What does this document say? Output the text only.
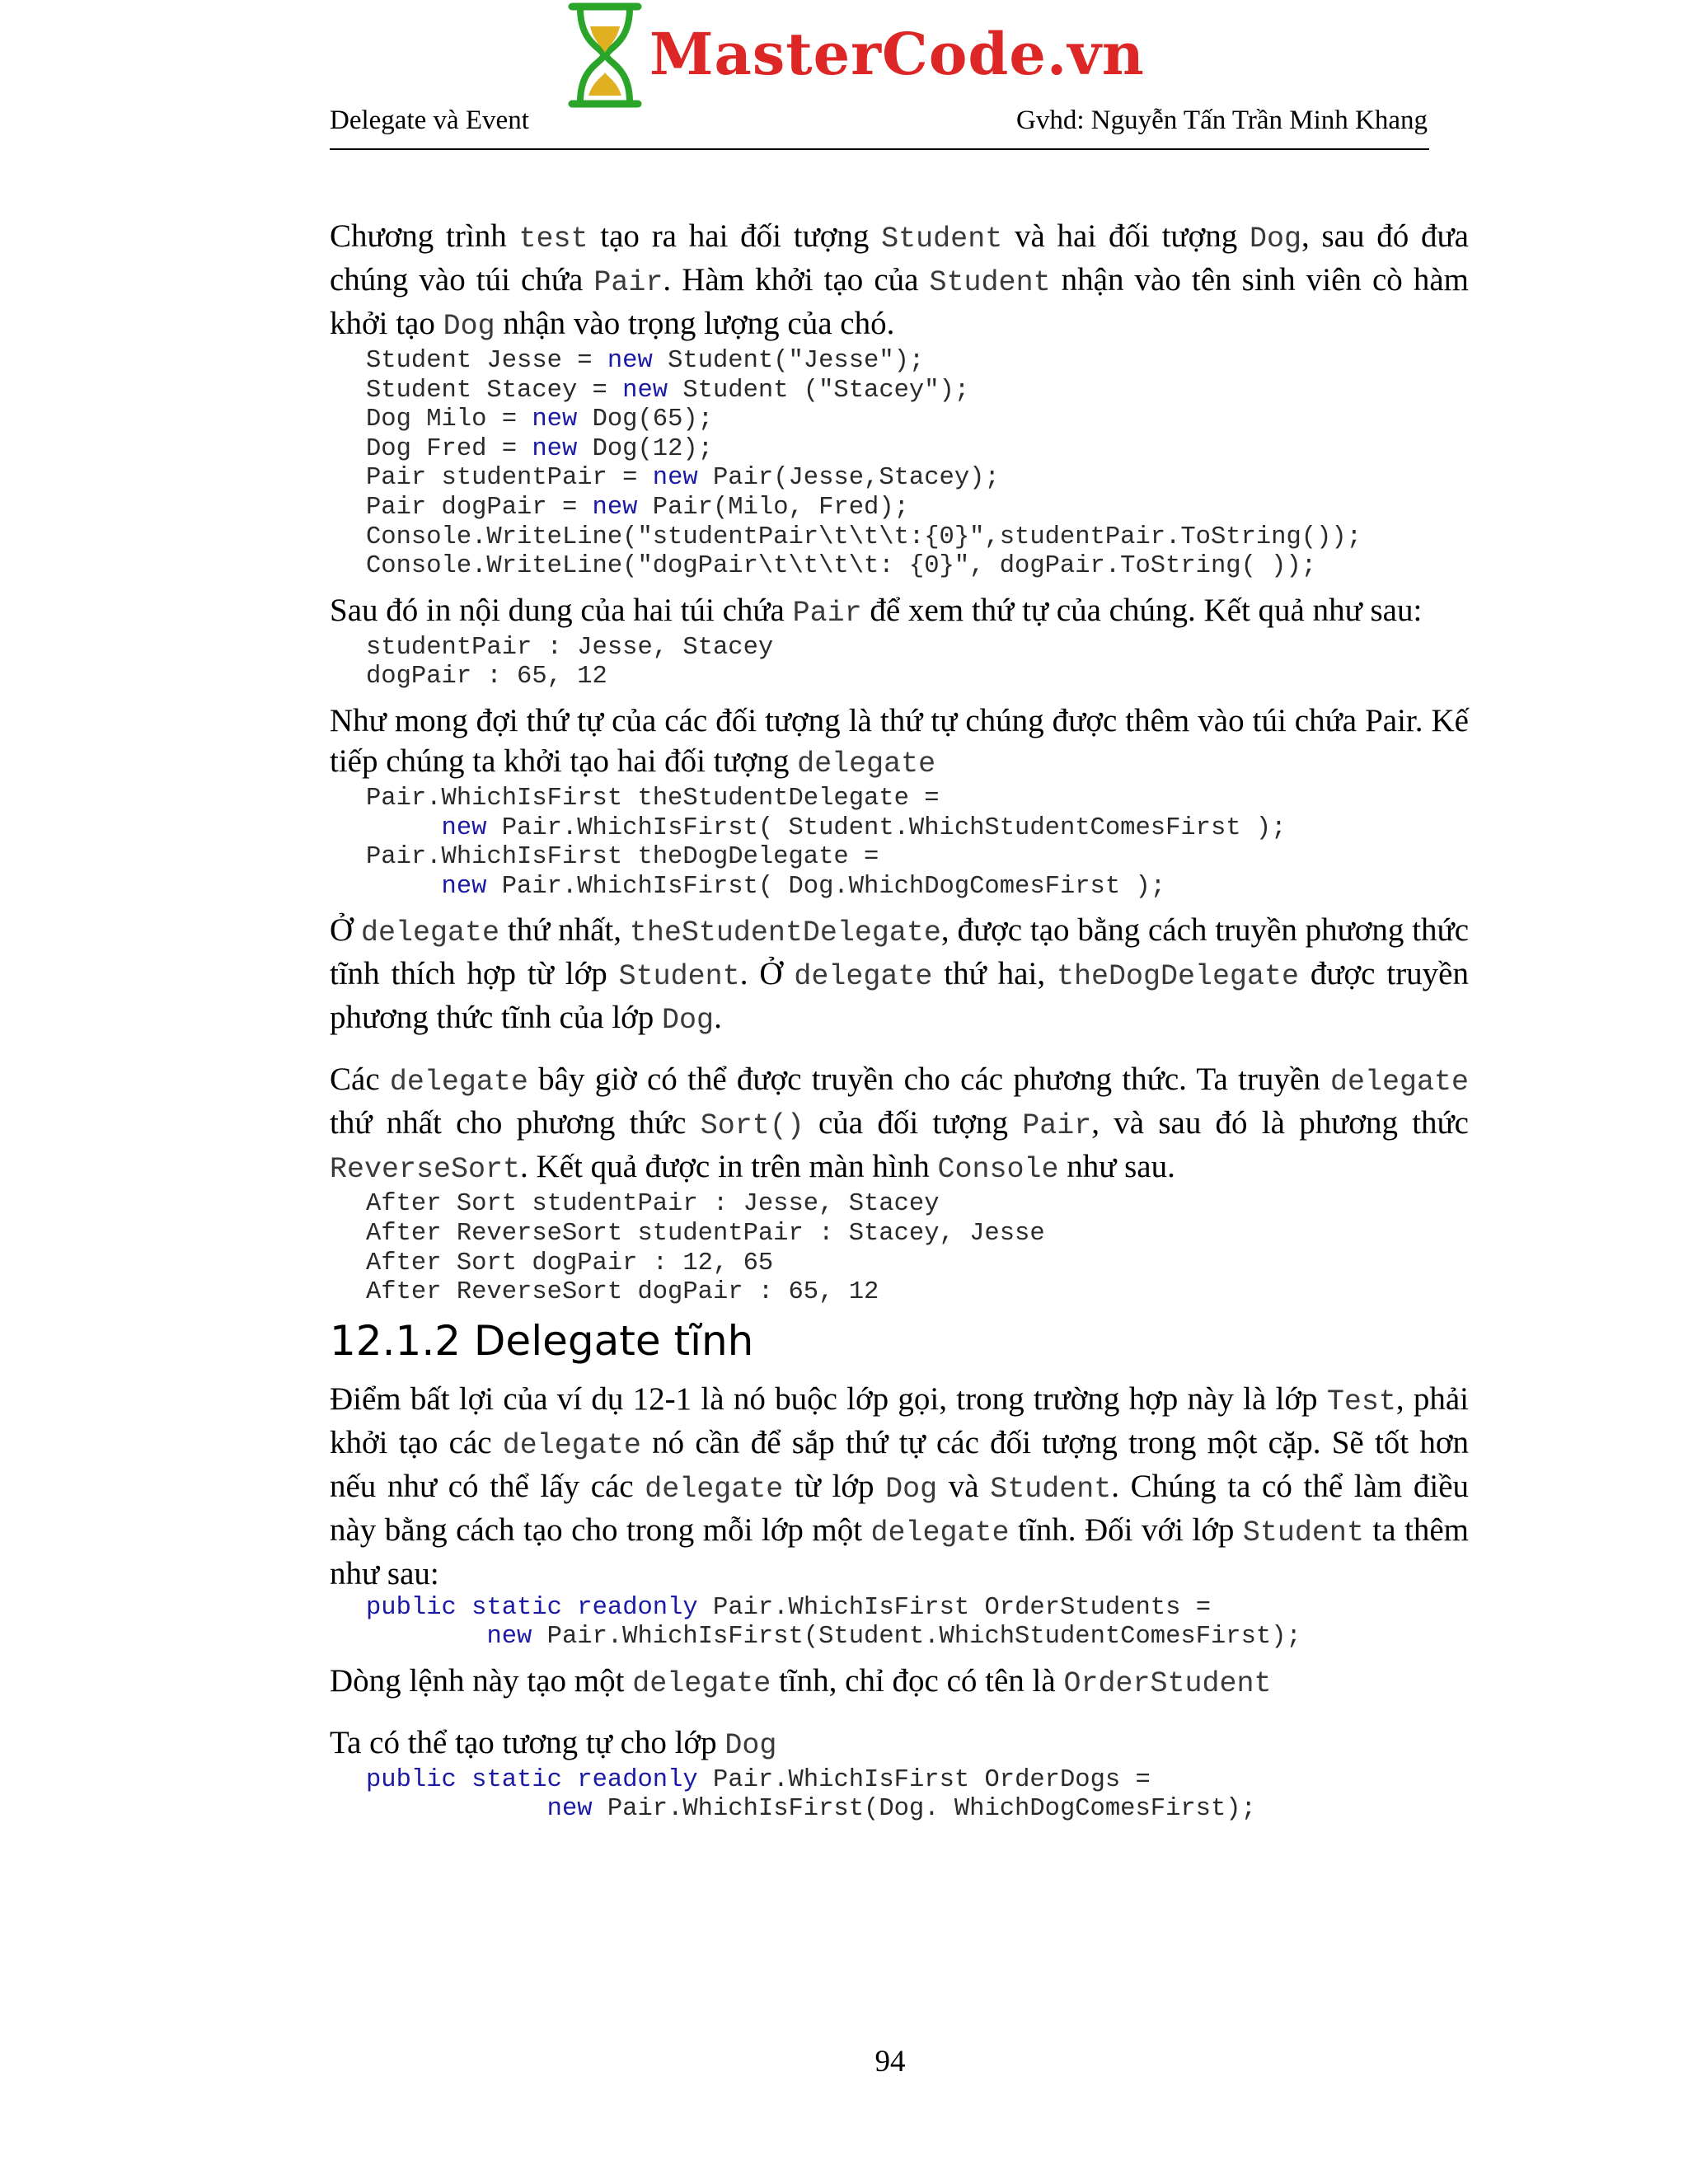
MasterCode.vn
Delegate và Event	Gvhd: Nguyễn Tấn Trần Minh Khang

Chương trình test tạo ra hai đối tượng Student và hai đối tượng Dog, sau đó đưa chúng vào túi chứa Pair. Hàm khởi tạo của Student nhận vào tên sinh viên cò hàm khởi tạo Dog nhận vào trọng lượng của chó.

Student Jesse = new Student("Jesse");
Student Stacey = new Student ("Stacey");
Dog Milo = new Dog(65);
Dog Fred = new Dog(12);
Pair studentPair = new Pair(Jesse,Stacey);
Pair dogPair = new Pair(Milo, Fred);
Console.WriteLine("studentPair\t\t\t:{0}",studentPair.ToString());
Console.WriteLine("dogPair\t\t\t\t: {0}", dogPair.ToString( ));

Sau đó in nội dung của hai túi chứa Pair để xem thứ tự của chúng. Kết quả như sau:

studentPair : Jesse, Stacey
dogPair : 65, 12

Như mong đợi thứ tự của các đối tượng là thứ tự chúng được thêm vào túi chứa Pair. Kế tiếp chúng ta khởi tạo hai đối tượng delegate

Pair.WhichIsFirst theStudentDelegate =
new Pair.WhichIsFirst( Student.WhichStudentComesFirst );
Pair.WhichIsFirst theDogDelegate =
new Pair.WhichIsFirst( Dog.WhichDogComesFirst );

Ở delegate thứ nhất, theStudentDelegate, được tạo bằng cách truyền phương thức tĩnh thích hợp từ lớp Student. Ở delegate thứ hai, theDogDelegate được truyền phương thức tĩnh của lớp Dog.

Các delegate bây giờ có thể được truyền cho các phương thức. Ta truyền delegate thứ nhất cho phương thức Sort() của đối tượng Pair, và sau đó là phương thức ReverseSort. Kết quả được in trên màn hình Console như sau.

After Sort studentPair : Jesse, Stacey
After ReverseSort studentPair : Stacey, Jesse
After Sort dogPair : 12, 65
After ReverseSort dogPair : 65, 12
12.1.2 Delegate tĩnh

Điểm bất lợi của ví dụ 12-1 là nó buộc lớp gọi, trong trường hợp này là lớp Test, phải khởi tạo các delegate nó cần để sắp thứ tự các đối tượng trong một cặp. Sẽ tốt hơn nếu như có thể lấy các delegate từ lớp Dog và Student. Chúng ta có thể làm điều này bằng cách tạo cho trong mỗi lớp một delegate tĩnh. Đối với lớp Student ta thêm như sau:

public static readonly Pair.WhichIsFirst OrderStudents =
new Pair.WhichIsFirst(Student.WhichStudentComesFirst);

Dòng lệnh này tạo một delegate tĩnh, chỉ đọc có tên là OrderStudent

Ta có thể tạo tương tự cho lớp Dog

public static readonly Pair.WhichIsFirst OrderDogs =
new Pair.WhichIsFirst(Dog. WhichDogComesFirst);
94
